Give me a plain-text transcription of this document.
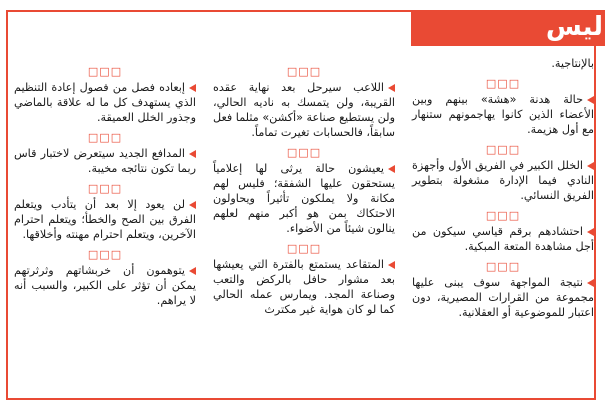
ليس
□□□

إبعاده فصل من فصول إعادة التنظيم الذي يستهدف كل ما له علاقة بالماضي وجذور الخلل العميقة.

□□□

المدافع الجديد سيتعرض لاختبار قاس ربما تكون نتائجه مخيبة.

□□□

لن يعود إلا بعد أن يتأدب ويتعلم الفرق بين الصح والخطأ؛ ويتعلم احترام الآخرين، ويتعلم احترام مهنته وأخلاقها.

□□□

يتوهمون أن خربشاتهم وثرثرتهم يمكن أن تؤثر على الكبير، والسبب أنه لا يراهم.

□□□

اللاعب سيرحل بعد نهاية عقده القريبة، ولن يتمسك به ناديه الحالي، ولن يستطيع صناعة «أكشن» مثلما فعل سابقاً، فالحسابات تغيرت تماماً.

□□□

يعيشون حالة يرثى لها إعلامياً يستحقون عليها الشفقة؛ فليس لهم مكانة ولا يملكون تأثيراً ويحاولون الاحتكاك بمن هو أكبر منهم لعلهم ينالون شيئاً من الأضواء.

□□□

المتقاعد يستمتع بالفترة التي يعيشها بعد مشوار حافل بالركض والتعب وصناعة المجد. ويمارس عمله الحالي كما لو كان هواية غير مكترث

بالإنتاجية.

□□□

حالة هدنة «هشة» بينهم وبين الأعضاء الذين كانوا يهاجمونهم ستنهار مع أول هزيمة.

□□□

الخلل الكبير في الفريق الأول وأجهزة النادي فيما الإدارة مشغولة بتطوير الفريق النسائي.

□□□

احتشادهم برقم قياسي سيكون من أجل مشاهدة المتعة المبكية.

□□□

نتيجة المواجهة سوف يبنى عليها مجموعة من القرارات المصيرية، دون اعتبار للموضوعية أو العقلانية.
